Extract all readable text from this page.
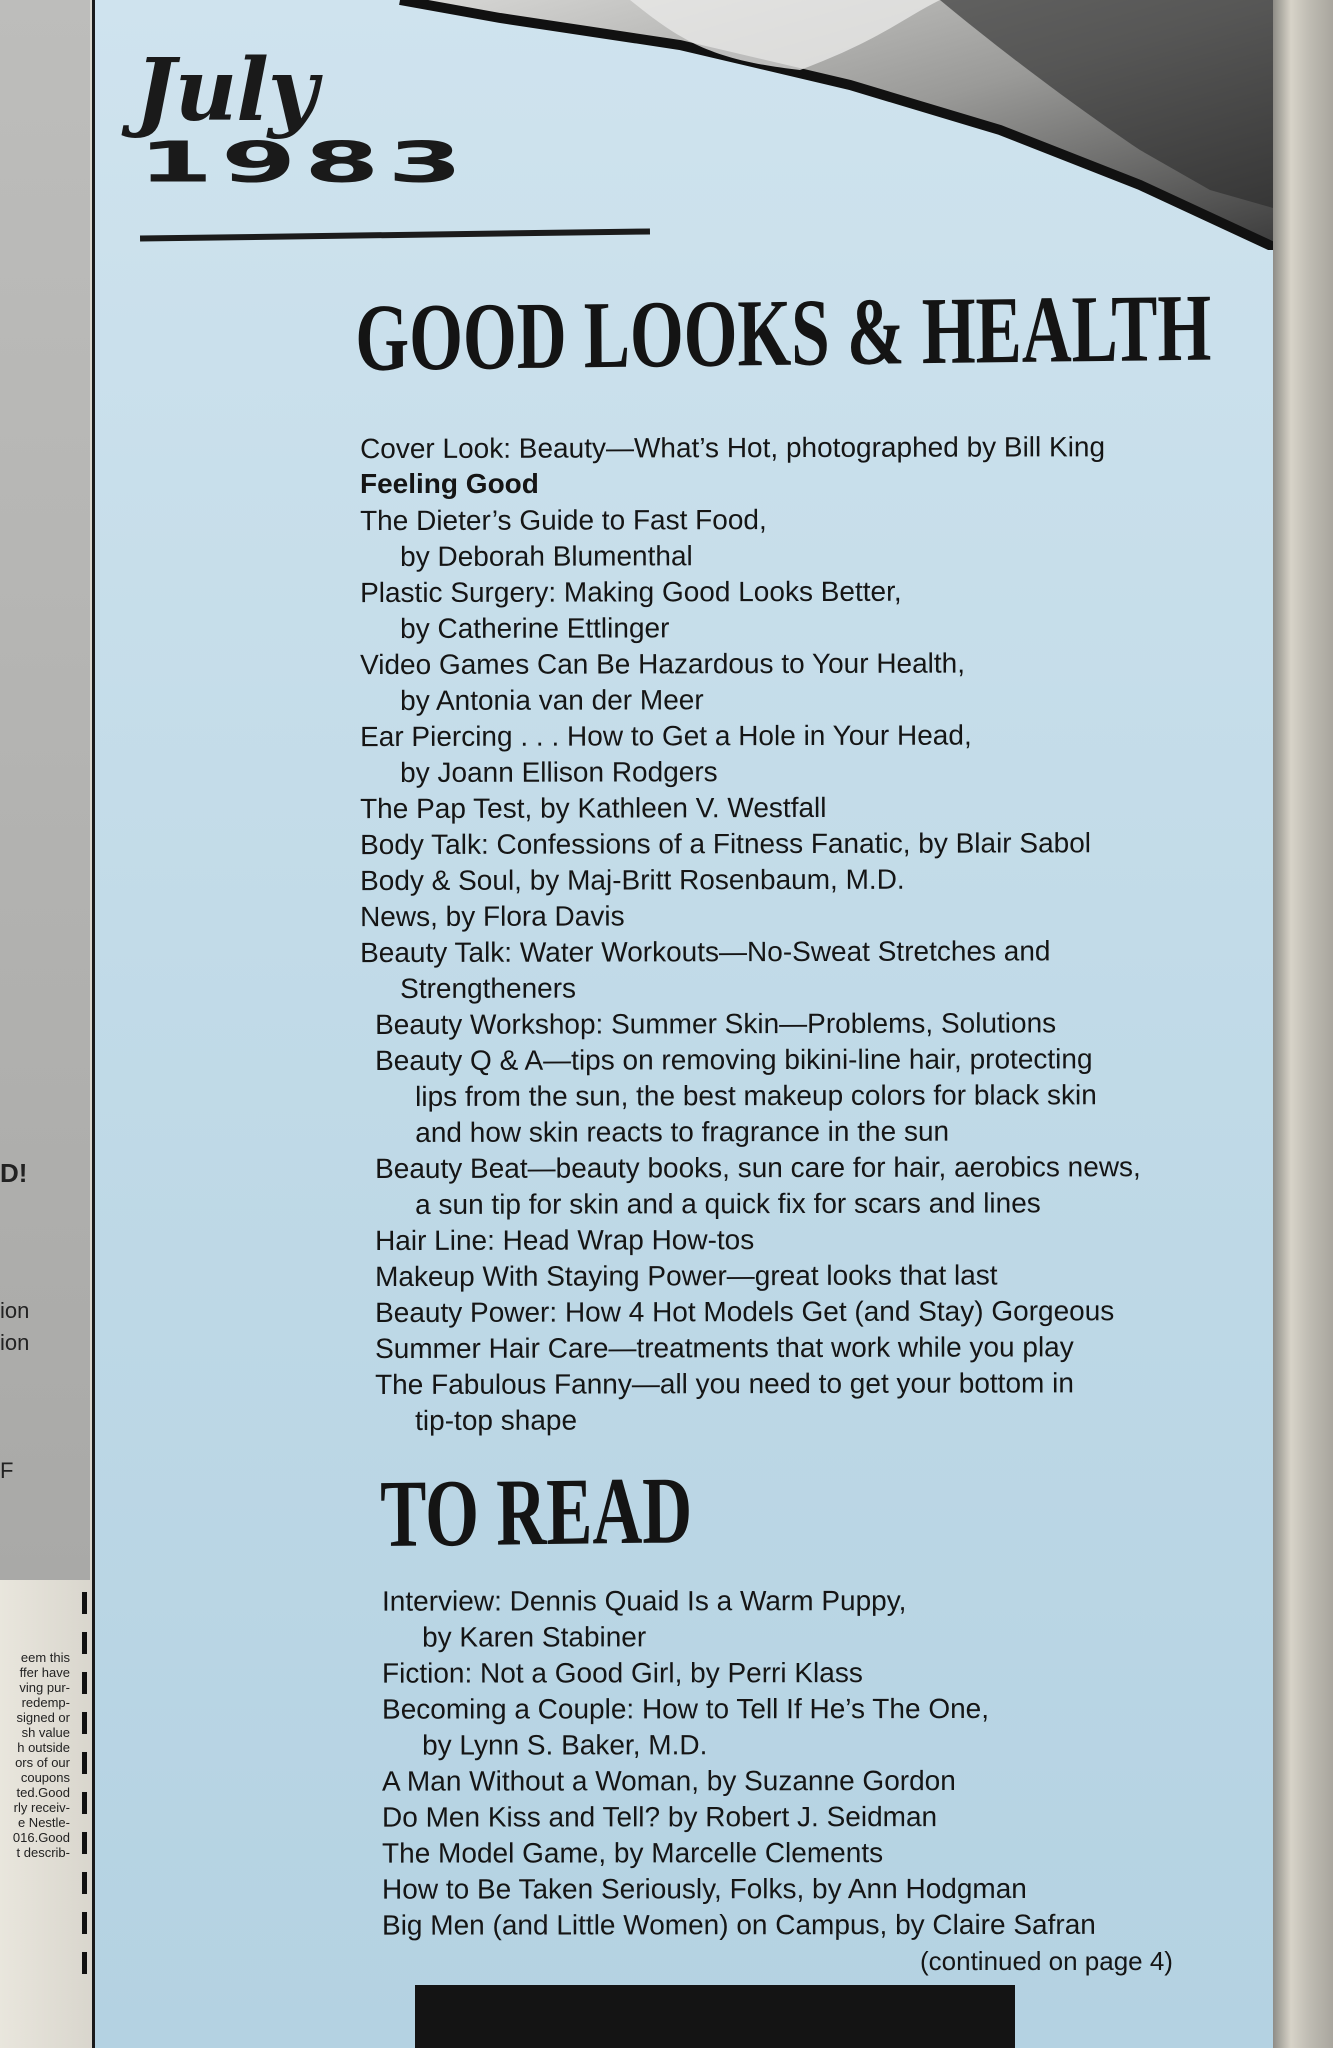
July
1983
GOOD LOOKS & HEALTH
TO READ
Cover Look: Beauty—What’s Hot, photographed by Bill King
Feeling Good
The Dieter’s Guide to Fast Food,
by Deborah Blumenthal
Plastic Surgery: Making Good Looks Better,
by Catherine Ettlinger
Video Games Can Be Hazardous to Your Health,
by Antonia van der Meer
Ear Piercing . . . How to Get a Hole in Your Head,
by Joann Ellison Rodgers
The Pap Test, by Kathleen V. Westfall
Body Talk: Confessions of a Fitness Fanatic, by Blair Sabol
Body & Soul, by Maj-Britt Rosenbaum, M.D.
News, by Flora Davis
Beauty Talk: Water Workouts—No-Sweat Stretches and
Strengtheners
Beauty Workshop: Summer Skin—Problems, Solutions
Beauty Q & A—tips on removing bikini-line hair, protecting
lips from the sun, the best makeup colors for black skin
and how skin reacts to fragrance in the sun
Beauty Beat—beauty books, sun care for hair, aerobics news,
a sun tip for skin and a quick fix for scars and lines
Hair Line: Head Wrap How-tos
Makeup With Staying Power—great looks that last
Beauty Power: How 4 Hot Models Get (and Stay) Gorgeous
Summer Hair Care—treatments that work while you play
The Fabulous Fanny—all you need to get your bottom in
tip-top shape
Interview: Dennis Quaid Is a Warm Puppy,
by Karen Stabiner
Fiction: Not a Good Girl, by Perri Klass
Becoming a Couple: How to Tell If He’s The One,
by Lynn S. Baker, M.D.
A Man Without a Woman, by Suzanne Gordon
Do Men Kiss and Tell? by Robert J. Seidman
The Model Game, by Marcelle Clements
How to Be Taken Seriously, Folks, by Ann Hodgman
Big Men (and Little Women) on Campus, by Claire Safran
(continued on page 4)
D!
ion
ion
F
eem this
ffer have
ving pur-
redemp-
signed or
sh value
h outside
ors of our
coupons
ted.Good
rly receiv-
e Nestle-
016.Good
t describ-
